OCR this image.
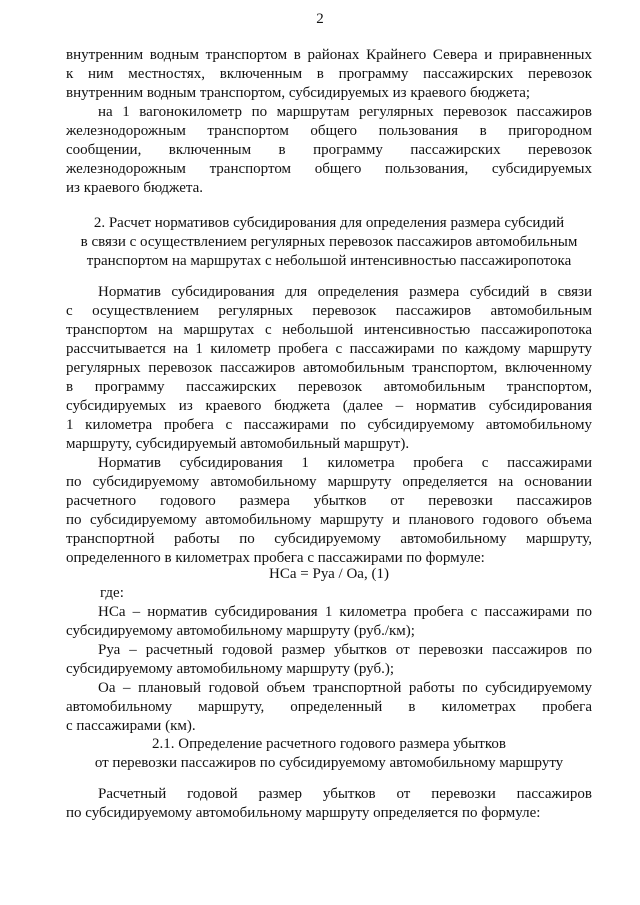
2
внутренним водным транспортом в районах Крайнего Севера и приравненных
к ним местностях, включенным в программу пассажирских перевозок
внутренним водным транспортом, субсидируемых из краевого бюджета;
на 1 вагонокилометр по маршрутам регулярных перевозок пассажиров
железнодорожным транспортом общего пользования в пригородном
сообщении, включенным в программу пассажирских перевозок
железнодорожным транспортом общего пользования, субсидируемых
из краевого бюджета.
2. Расчет нормативов субсидирования для определения размера субсидий
в связи с осуществлением регулярных перевозок пассажиров автомобильным
транспортом на маршрутах с небольшой интенсивностью пассажиропотока
Норматив субсидирования для определения размера субсидий в связи
с осуществлением регулярных перевозок пассажиров автомобильным
транспортом на маршрутах с небольшой интенсивностью пассажиропотока
рассчитывается на 1 километр пробега с пассажирами по каждому маршруту
регулярных перевозок пассажиров автомобильным транспортом, включенному
в программу пассажирских перевозок автомобильным транспортом,
субсидируемых из краевого бюджета (далее – норматив субсидирования
1 километра пробега с пассажирами по субсидируемому автомобильному
маршруту, субсидируемый автомобильный маршрут).
Норматив субсидирования 1 километра пробега с пассажирами
по субсидируемому автомобильному маршруту определяется на основании
расчетного годового размера убытков от перевозки пассажиров
по субсидируемому автомобильному маршруту и планового годового объема
транспортной работы по субсидируемому автомобильному маршруту,
определенного в километрах пробега с пассажирами по формуле:
НСа = Руа / Оа, (1)
где:
НСа – норматив субсидирования 1 километра пробега с пассажирами по
субсидируемому автомобильному маршруту (руб./км);
Руа – расчетный годовой размер убытков от перевозки пассажиров по
субсидируемому автомобильному маршруту (руб.);
Оа – плановый годовой объем транспортной работы по субсидируемому
автомобильному маршруту, определенный в километрах пробега
с пассажирами (км).
2.1. Определение расчетного годового размера убытков
от перевозки пассажиров по субсидируемому автомобильному маршруту
Расчетный годовой размер убытков от перевозки пассажиров
по субсидируемому автомобильному маршруту определяется по формуле:
